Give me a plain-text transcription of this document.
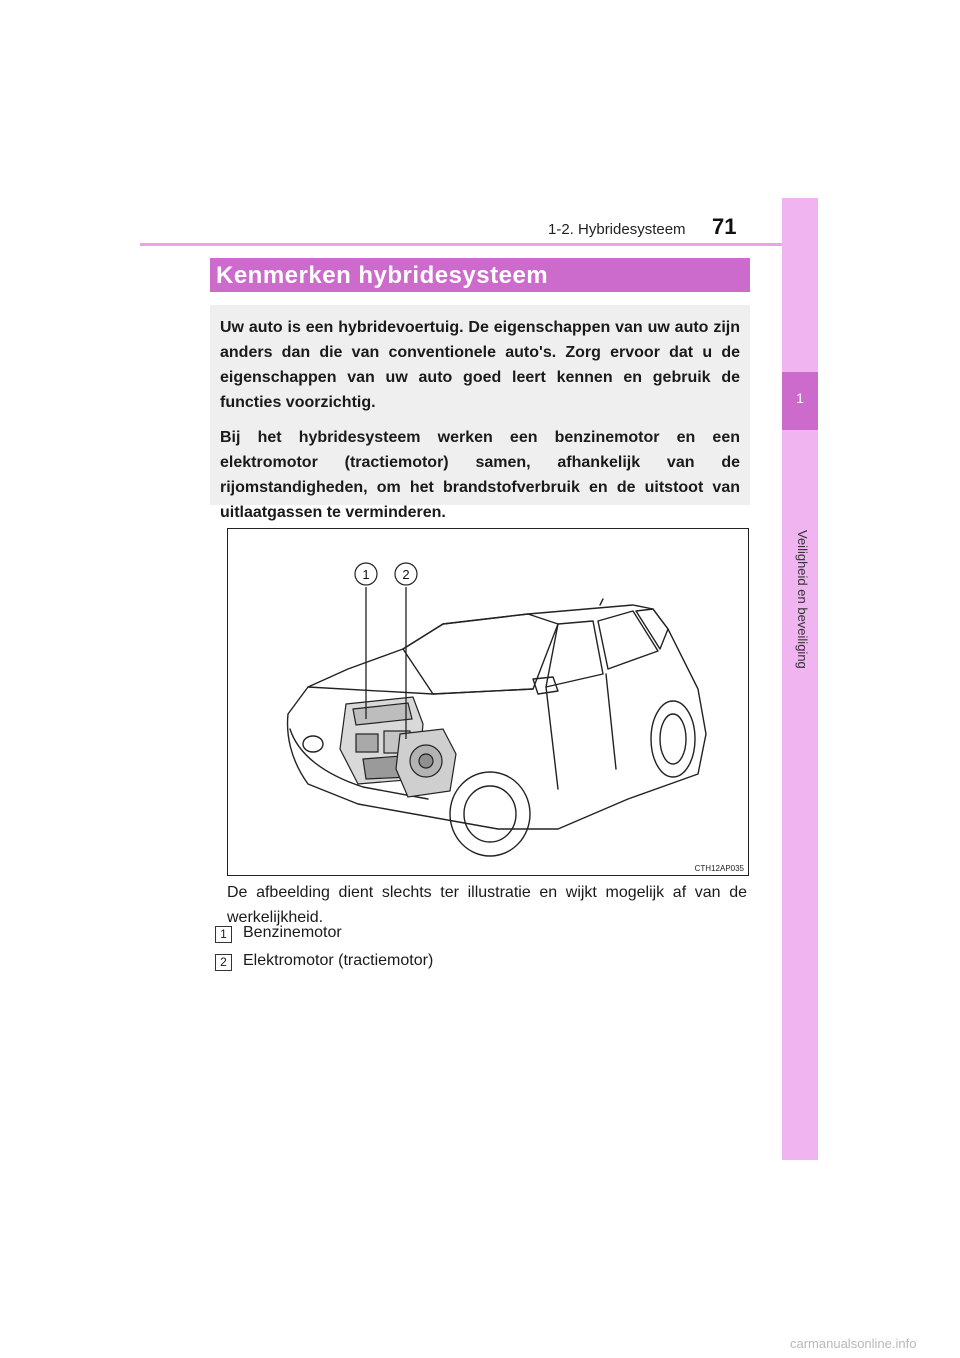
1-2. Hybridesysteem 71
1
Veiligheid en beveiliging
Kenmerken hybridesysteem

Uw auto is een hybridevoertuig. De eigenschappen van uw auto zijn anders dan die van conventionele auto's. Zorg ervoor dat u de eigenschappen van uw auto goed leert kennen en gebruik de functies voorzichtig.

Bij het hybridesysteem werken een benzinemotor en een elektromotor (tractiemotor) samen, afhankelijk van de rijomstandigheden, om het brandstofverbruik en de uitstoot van uitlaatgassen te verminderen.

1	2
CTH12AP035
De afbeelding dient slechts ter illustratie en wijkt mogelijk af van de werkelijkheid.
1	Benzinemotor
2	Elektromotor (tractiemotor)
carmanualsonline.info
